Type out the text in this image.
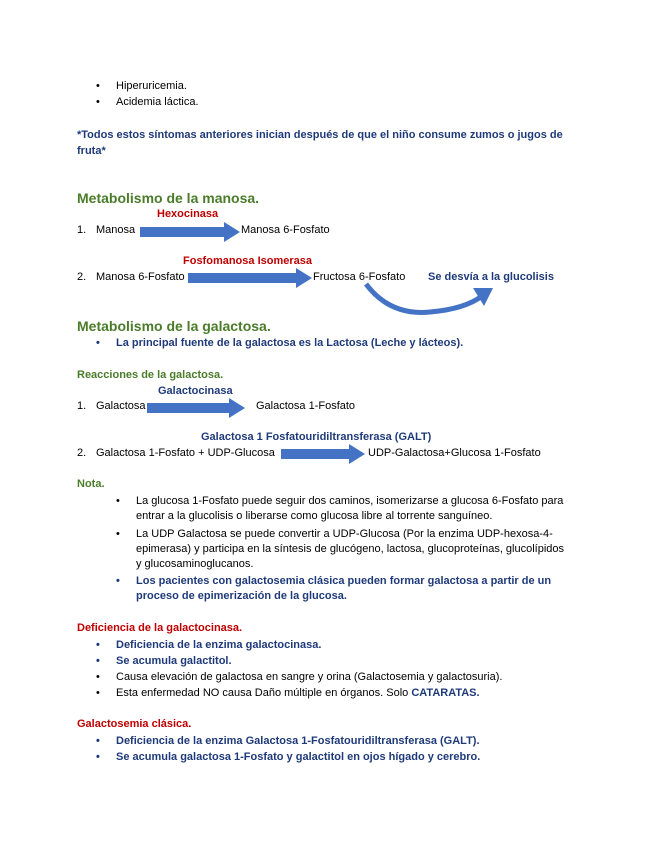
• Hiperuricemia.
• Acidemia láctica.
*Todos estos síntomas anteriores inician después de que el niño consume zumos o jugos de fruta*
Metabolismo de la manosa.
Hexocinasa
1. Manosa	Manosa 6-Fosfato
Fosfomanosa Isomerasa
2. Manosa 6-Fosfato	Fructosa 6-Fosfato Se desvía a la glucolisis
Metabolismo de la galactosa.
• La principal fuente de la galactosa es la Lactosa (Leche y lácteos).
Reacciones de la galactosa.
Galactocinasa
1. Galactosa	Galactosa 1-Fosfato
Galactosa 1 Fosfatouridiltransferasa (GALT)
2. Galactosa 1-Fosfato + UDP-Glucosa	UDP-Galactosa+Glucosa 1-Fosfato
Nota.
• La glucosa 1-Fosfato puede seguir dos caminos, isomerizarse a glucosa 6-Fosfato para entrar a la glucolisis o liberarse como glucosa libre al torrente sanguíneo.
• La UDP Galactosa se puede convertir a UDP-Glucosa (Por la enzima UDP-hexosa-4-epimerasa) y participa en la síntesis de glucógeno, lactosa, glucoproteínas, glucolípidos y glucosaminoglucanos.
• Los pacientes con galactosemia clásica pueden formar galactosa a partir de un proceso de epimerización de la glucosa.
Deficiencia de la galactocinasa.
• Deficiencia de la enzima galactocinasa.
• Se acumula galactitol.
• Causa elevación de galactosa en sangre y orina (Galactosemia y galactosuria).
• Esta enfermedad NO causa Daño múltiple en órganos. Solo CATARATAS.
Galactosemia clásica.
• Deficiencia de la enzima Galactosa 1-Fosfatouridiltransferasa (GALT).
• Se acumula galactosa 1-Fosfato y galactitol en ojos hígado y cerebro.
